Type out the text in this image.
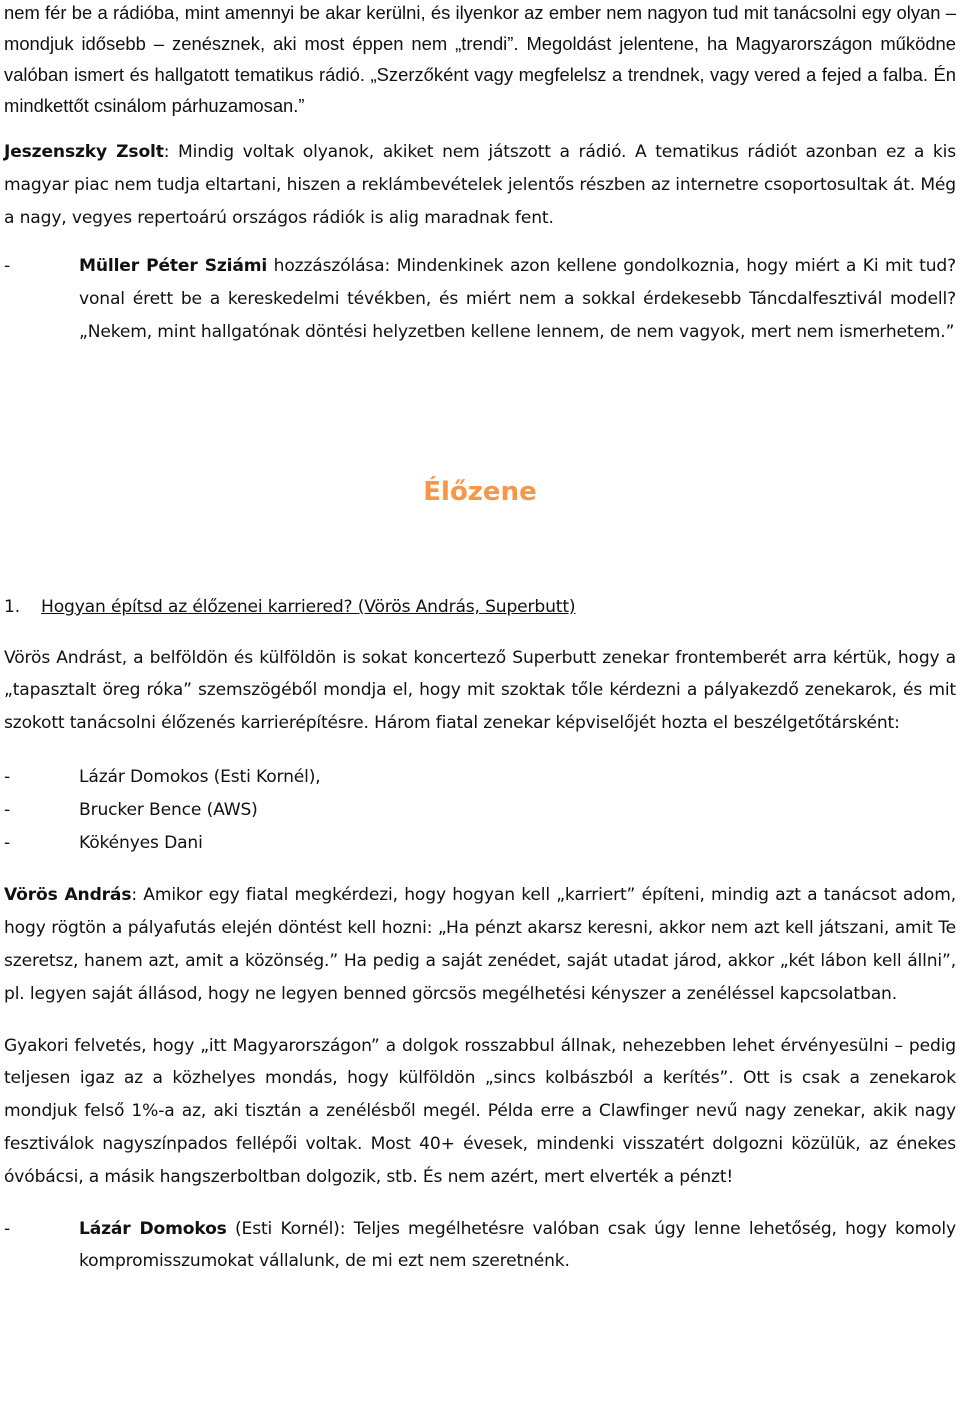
nem fér be a rádióba, mint amennyi be akar kerülni, és ilyenkor az ember nem nagyon tud mit tanácsolni egy olyan – mondjuk idősebb – zenésznek, aki most éppen nem „trendi”. Megoldást jelentene, ha Magyarországon működne valóban ismert és hallgatott tematikus rádió. „Szerzőként vagy megfelelsz a trendnek, vagy vered a fejed a falba. Én mindkettőt csinálom párhuzamosan.”

Jeszenszky Zsolt: Mindig voltak olyanok, akiket nem játszott a rádió. A tematikus rádiót azonban ez a kis magyar piac nem tudja eltartani, hiszen a reklámbevételek jelentős részben az internetre csoportosultak át. Még a nagy, vegyes repertoárú országos rádiók is alig maradnak fent.

-	Müller Péter Sziámi hozzászólása: Mindenkinek azon kellene gondolkoznia, hogy miért a Ki mit tud? vonal érett be a kereskedelmi tévékben, és miért nem a sokkal érdekesebb Táncdalfesztivál modell? „Nekem, mint hallgatónak döntési helyzetben kellene lennem, de nem vagyok, mert nem ismerhetem.”

Élőzene
1. Hogyan építsd az élőzenei karriered? (Vörös András, Superbutt)

Vörös Andrást, a belföldön és külföldön is sokat koncertező Superbutt zenekar frontemberét arra kértük, hogy a „tapasztalt öreg róka” szemszögéből mondja el, hogy mit szoktak tőle kérdezni a pályakezdő zenekarok, és mit szokott tanácsolni élőzenés karrierépítésre. Három fiatal zenekar képviselőjét hozta el beszélgetőtársként:

-	Lázár Domokos (Esti Kornél),
-	Brucker Bence (AWS)
-	Kökényes Dani

Vörös András: Amikor egy fiatal megkérdezi, hogy hogyan kell „karriert” építeni, mindig azt a tanácsot adom, hogy rögtön a pályafutás elején döntést kell hozni: „Ha pénzt akarsz keresni, akkor nem azt kell játszani, amit Te szeretsz, hanem azt, amit a közönség.” Ha pedig a saját zenédet, saját utadat járod, akkor „két lábon kell állni”, pl. legyen saját állásod, hogy ne legyen benned görcsös megélhetési kényszer a zenéléssel kapcsolatban.

Gyakori felvetés, hogy „itt Magyarországon” a dolgok rosszabbul állnak, nehezebben lehet érvényesülni – pedig teljesen igaz az a közhelyes mondás, hogy külföldön „sincs kolbászból a kerítés”. Ott is csak a zenekarok mondjuk felső 1%-a az, aki tisztán a zenélésből megél. Példa erre a Clawfinger nevű nagy zenekar, akik nagy fesztiválok nagyszínpados fellépői voltak. Most 40+ évesek, mindenki visszatért dolgozni közülük, az énekes óvóbácsi, a másik hangszerboltban dolgozik, stb. És nem azért, mert elverték a pénzt!

-	Lázár Domokos (Esti Kornél): Teljes megélhetésre valóban csak úgy lenne lehetőség, hogy komoly kompromisszumokat vállalunk, de mi ezt nem szeretnénk.
